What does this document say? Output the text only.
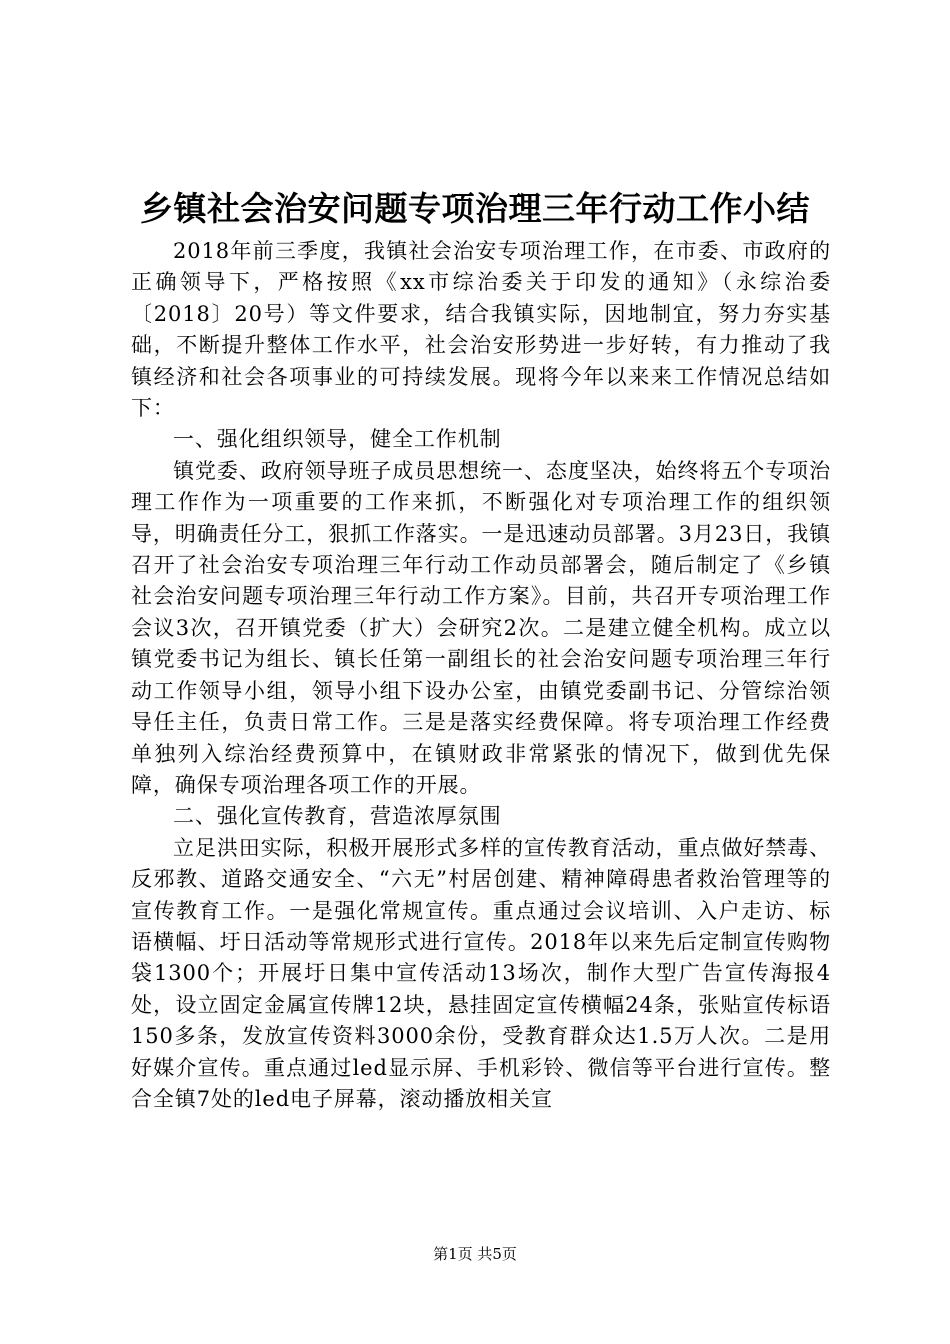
乡镇社会治安问题专项治理三年行动工作小结

2018年前三季度，我镇社会治安专项治理工作，在市委、市政府的正确领导下，严格按照《xx市综治委关于印发的通知》（永综治委〔2018〕20号）等文件要求，结合我镇实际，因地制宜，努力夯实基础，不断提升整体工作水平，社会治安形势进一步好转，有力推动了我镇经济和社会各项事业的可持续发展。现将今年以来来工作情况总结如下：

一、强化组织领导，健全工作机制

镇党委、政府领导班子成员思想统一、态度坚决，始终将五个专项治理工作作为一项重要的工作来抓，不断强化对专项治理工作的组织领导，明确责任分工，狠抓工作落实。一是迅速动员部署。3月23日，我镇召开了社会治安专项治理三年行动工作动员部署会，随后制定了《乡镇社会治安问题专项治理三年行动工作方案》。目前，共召开专项治理工作会议3次，召开镇党委（扩大）会研究2次。二是建立健全机构。成立以镇党委书记为组长、镇长任第一副组长的社会治安问题专项治理三年行动工作领导小组，领导小组下设办公室，由镇党委副书记、分管综治领导任主任，负责日常工作。三是是落实经费保障。将专项治理工作经费单独列入综治经费预算中，在镇财政非常紧张的情况下，做到优先保障，确保专项治理各项工作的开展。

二、强化宣传教育，营造浓厚氛围

立足洪田实际，积极开展形式多样的宣传教育活动，重点做好禁毒、反邪教、道路交通安全、“六无”村居创建、精神障碍患者救治管理等的宣传教育工作。一是强化常规宣传。重点通过会议培训、入户走访、标语横幅、圩日活动等常规形式进行宣传。2018年以来先后定制宣传购物袋1300个；开展圩日集中宣传活动13场次，制作大型广告宣传海报4处，设立固定金属宣传牌12块，悬挂固定宣传横幅24条，张贴宣传标语150多条，发放宣传资料3000余份，受教育群众达1.5万人次。二是用好媒介宣传。重点通过led显示屏、手机彩铃、微信等平台进行宣传。整合全镇7处的led电子屏幕，滚动播放相关宣

第1页 共5页
